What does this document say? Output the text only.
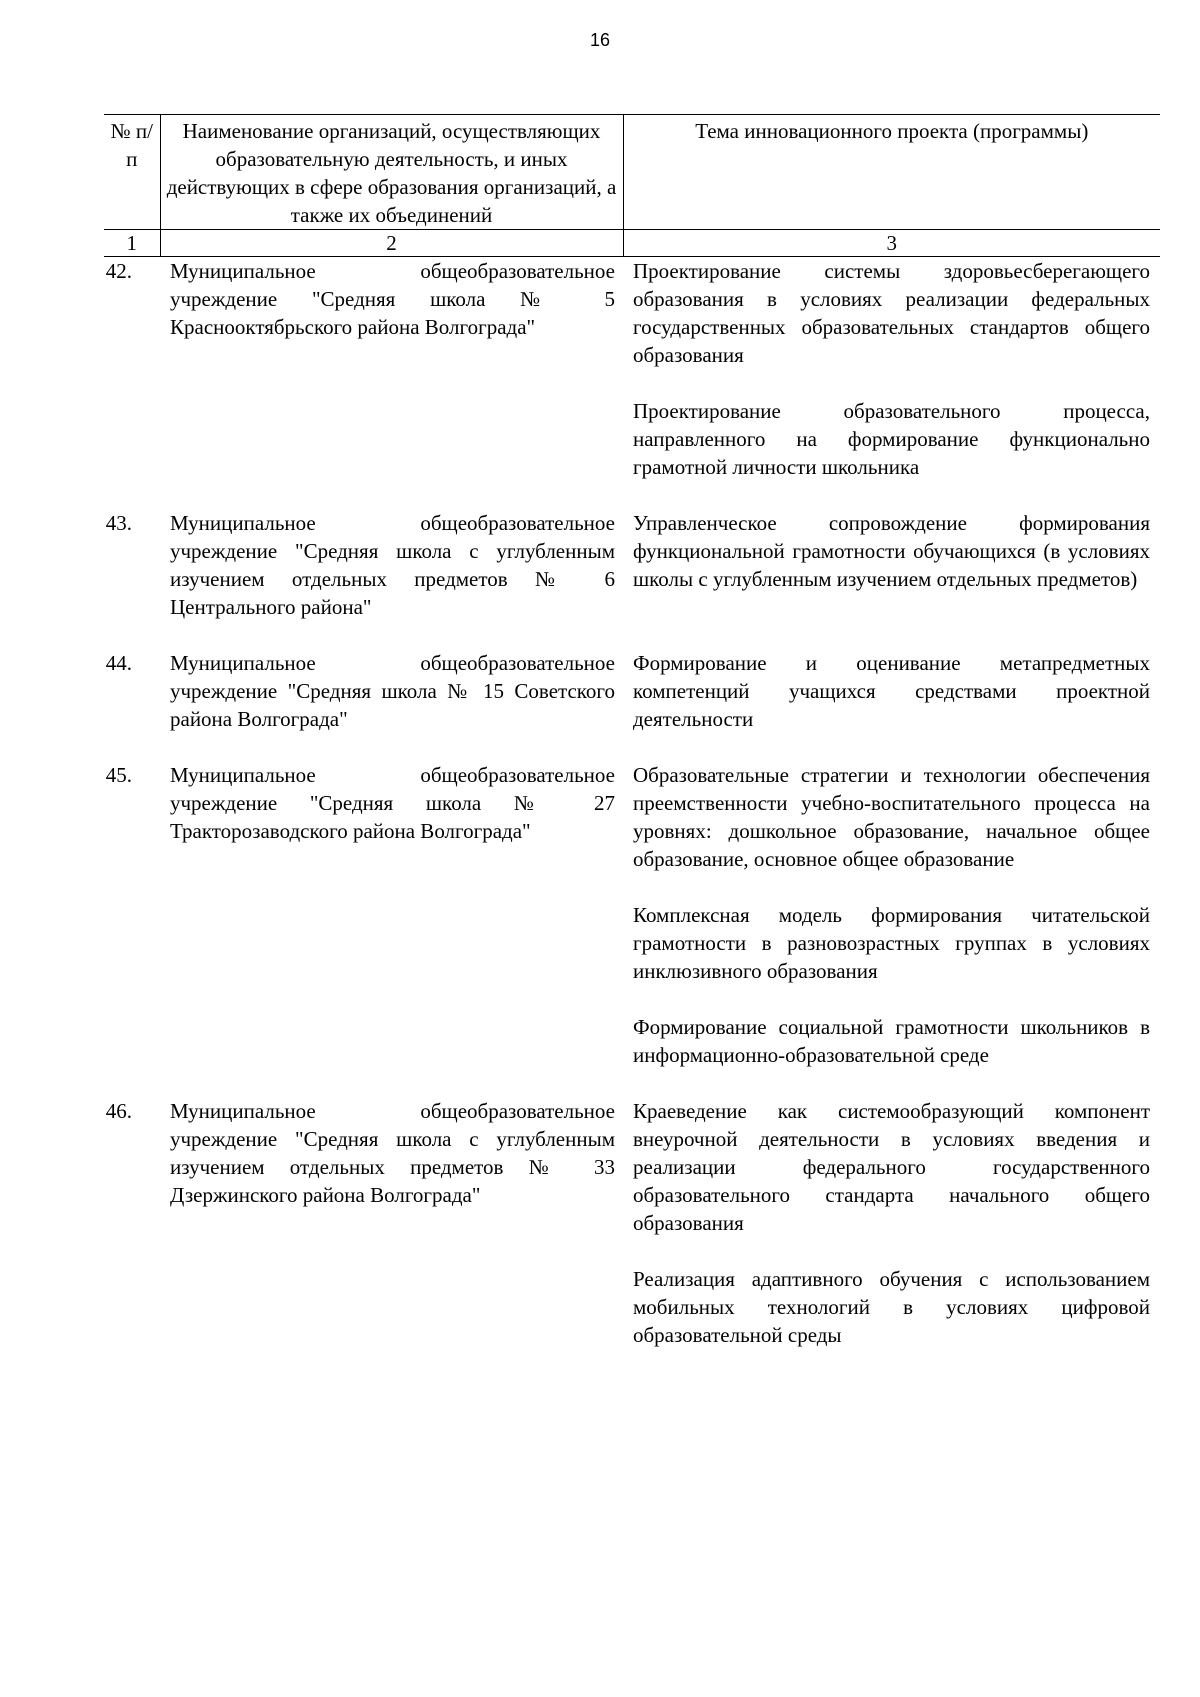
16
№ п/п	Наименование организаций, осуществляющих образовательную деятельность, и иных действующих в сфере образования организаций, а также их объединений	Тема инновационного проекта (программы)
1	2	3
42.	Муниципальное общеобразовательное учреждение "Средняя школа № 5 Краснооктябрьского района Волгограда"	Проектирование системы здоровьесберегающего образования в условиях реализации федеральных государственных образовательных стандартов общего образования
Проектирование образовательного процесса, направленного на формирование функционально грамотной личности школьника

43.	Муниципальное общеобразовательное учреждение "Средняя школа с углубленным изучением отдельных предметов № 6 Центрального района"	Управленческое сопровождение формирования функциональной грамотности обучающихся (в условиях школы с углубленным изучением отдельных предметов)

44.	Муниципальное общеобразовательное учреждение "Средняя школа № 15 Советского района Волгограда"	Формирование и оценивание метапредметных компетенций учащихся средствами проектной деятельности

45.	Муниципальное общеобразовательное учреждение "Средняя школа № 27 Тракторозаводского района Волгограда"	Образовательные стратегии и технологии обеспечения преемственности учебно-воспитательного процесса на уровнях: дошкольное образование, начальное общее образование, основное общее образование
Комплексная модель формирования читательской грамотности в разновозрастных группах в условиях инклюзивного образования
Формирование социальной грамотности школьников в информационно-образовательной среде

46.	Муниципальное общеобразовательное учреждение "Средняя школа с углубленным изучением отдельных предметов № 33 Дзержинского района Волгограда"	Краеведение как системообразующий компонент внеурочной деятельности в условиях введения и реализации федерального государственного образовательного стандарта начального общего образования
Реализация адаптивного обучения с использованием мобильных технологий в условиях цифровой образовательной среды
